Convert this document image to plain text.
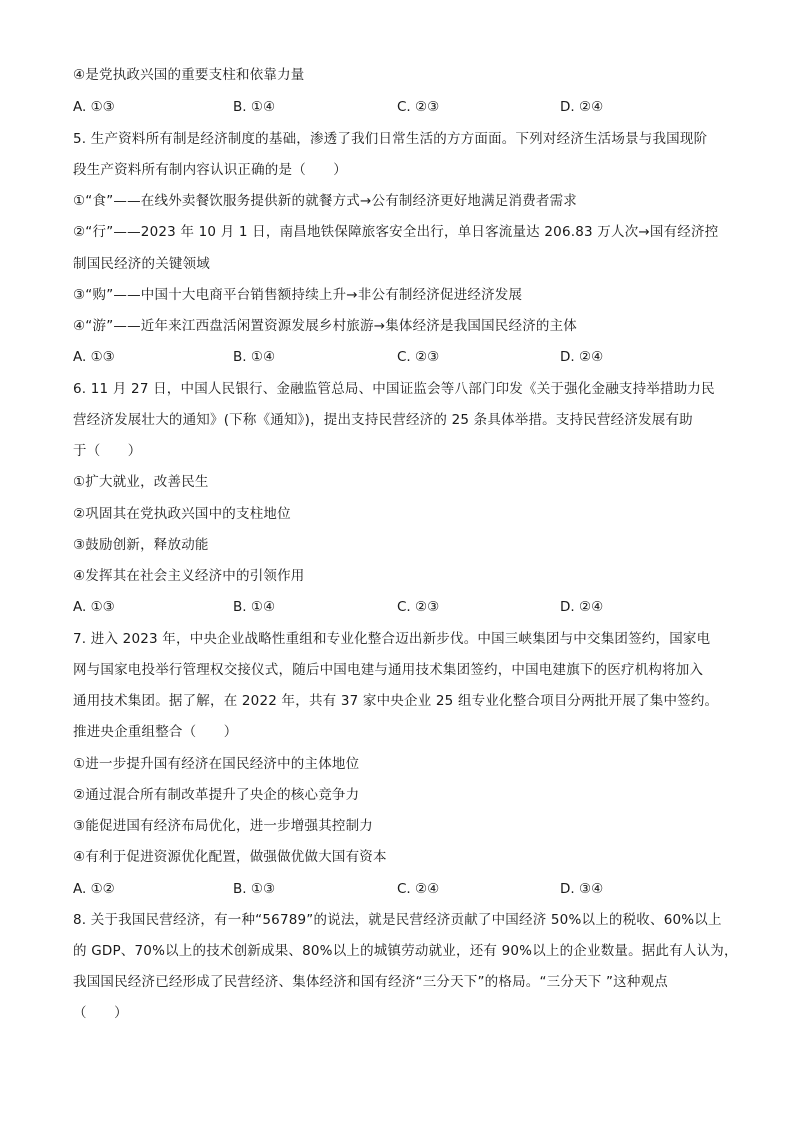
④是党执政兴国的重要支柱和依靠力量
A. ①③	B. ①④	C. ②③	D. ②④
5. 生产资料所有制是经济制度的基础，渗透了我们日常生活的方方面面。下列对经济生活场景与我国现阶
段生产资料所有制内容认识正确的是（　　）
①“食”——在线外卖餐饮服务提供新的就餐方式→公有制经济更好地满足消费者需求
②“行”——2023 年 10 月 1 日，南昌地铁保障旅客安全出行，单日客流量达 206.83 万人次→国有经济控
制国民经济的关键领域
③“购”——中国十大电商平台销售额持续上升→非公有制经济促进经济发展
④“游”——近年来江西盘活闲置资源发展乡村旅游→集体经济是我国国民经济的主体
A. ①③	B. ①④	C. ②③	D. ②④
6. 11 月 27 日，中国人民银行、金融监管总局、中国证监会等八部门印发《关于强化金融支持举措助力民
营经济发展壮大的通知》(下称《通知》)，提出支持民营经济的 25 条具体举措。支持民营经济发展有助
于（　　）
①扩大就业，改善民生
②巩固其在党执政兴国中的支柱地位
③鼓励创新，释放动能
④发挥其在社会主义经济中的引领作用
A. ①③	B. ①④	C. ②③	D. ②④
7. 进入 2023 年，中央企业战略性重组和专业化整合迈出新步伐。中国三峡集团与中交集团签约，国家电
网与国家电投举行管理权交接仪式，随后中国电建与通用技术集团签约，中国电建旗下的医疗机构将加入
通用技术集团。据了解，在 2022 年，共有 37 家中央企业 25 组专业化整合项目分两批开展了集中签约。
推进央企重组整合（　　）
①进一步提升国有经济在国民经济中的主体地位
②通过混合所有制改革提升了央企的核心竞争力
③能促进国有经济布局优化，进一步增强其控制力
④有利于促进资源优化配置，做强做优做大国有资本
A. ①②	B. ①③	C. ②④	D. ③④
8. 关于我国民营经济，有一种“56789”的说法，就是民营经济贡献了中国经济 50%以上的税收、60%以上
的 GDP、70%以上的技术创新成果、80%以上的城镇劳动就业，还有 90%以上的企业数量。据此有人认为，
我国国民经济已经形成了民营经济、集体经济和国有经济“三分天下”的格局。“三分天下 ”这种观点
（　　）
